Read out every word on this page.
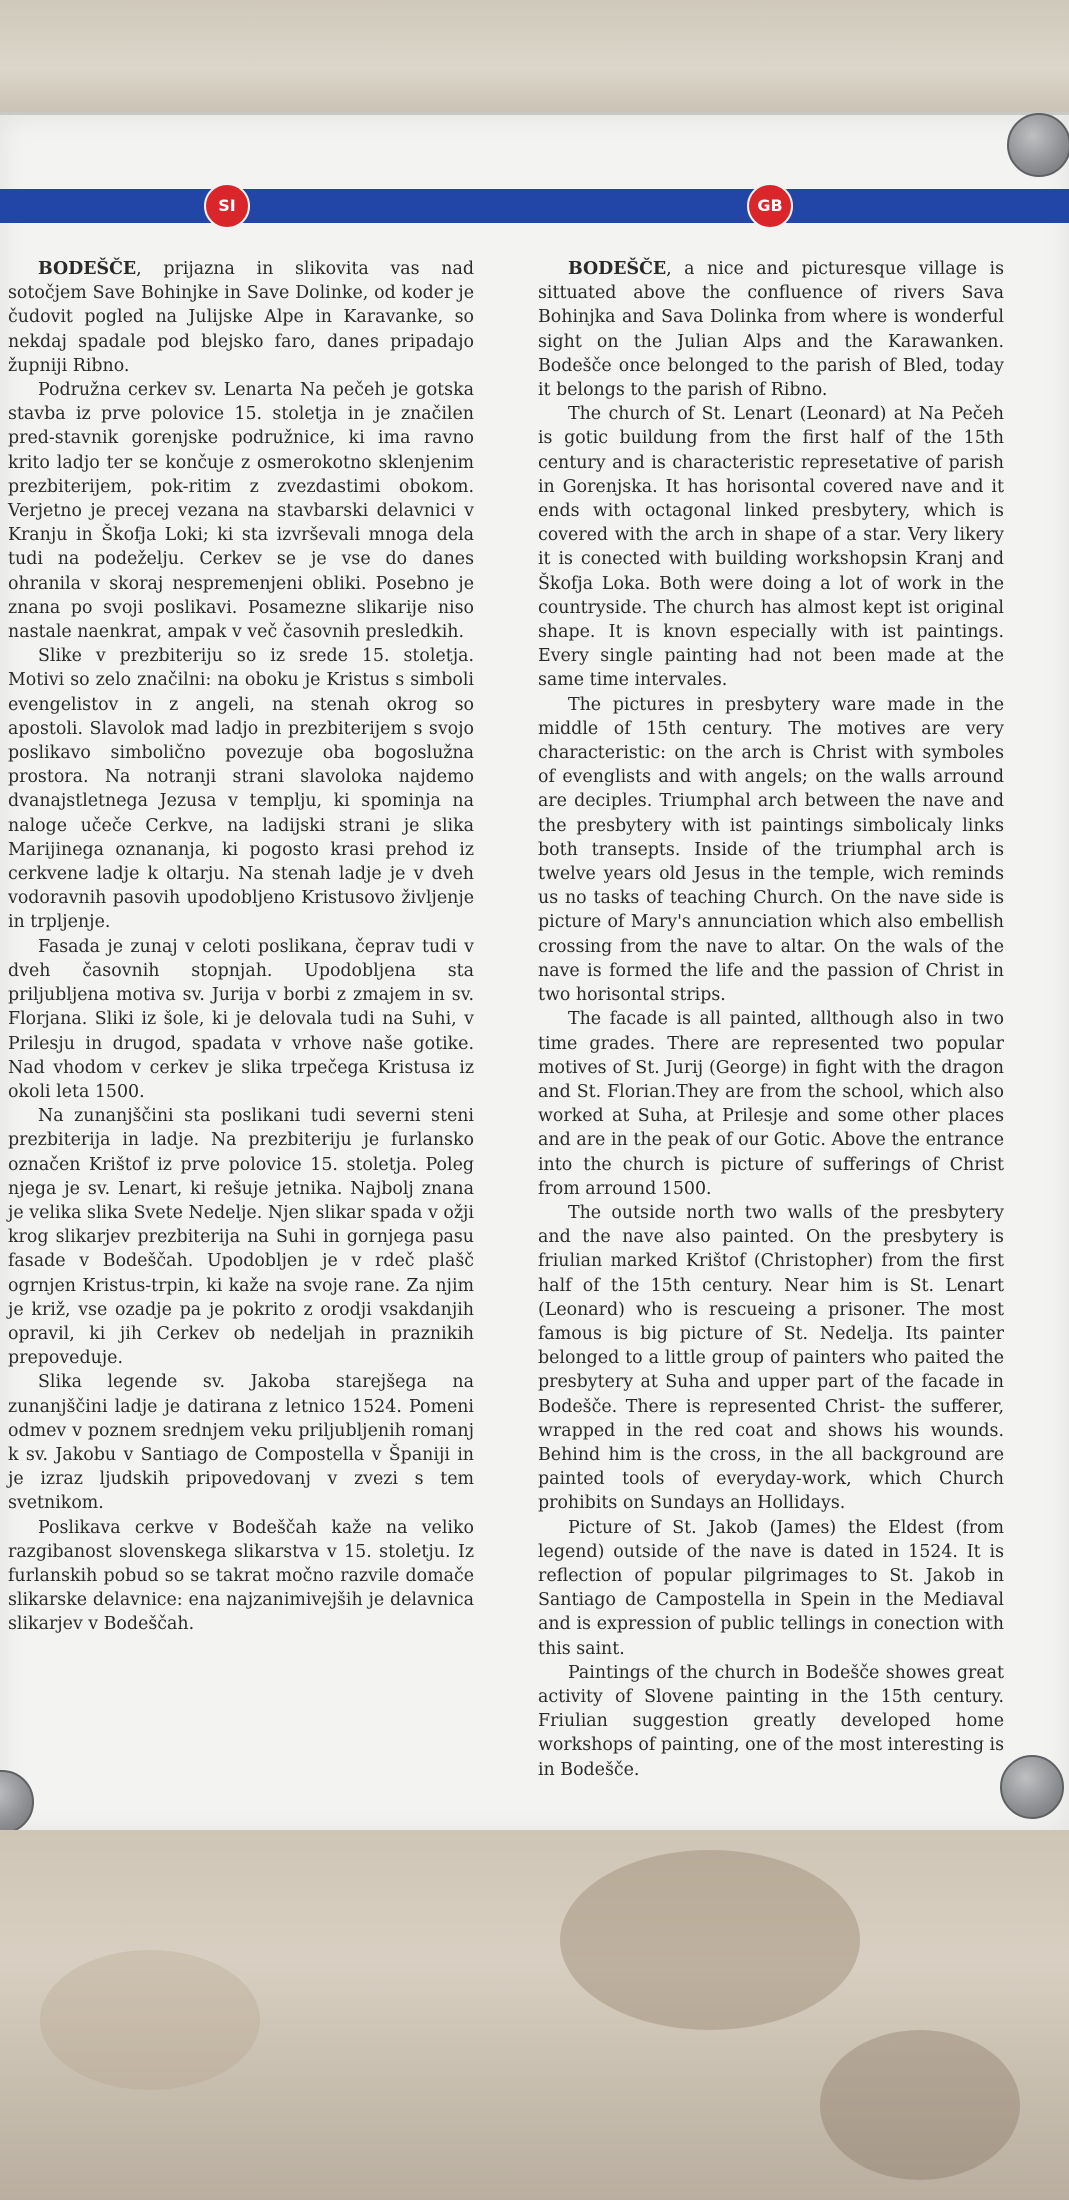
SI	GB

BODEŠČE, prijazna in slikovita vas nad sotočjem Save Bohinjke in Save Dolinke, od koder je čudovit pogled na Julijske Alpe in Karavanke, so nekdaj spadale pod blejsko faro, danes pripadajo župniji Ribno.

Podružna cerkev sv. Lenarta Na pečeh je gotska stavba iz prve polovice 15. stoletja in je značilen pred-stavnik gorenjske podružnice, ki ima ravno krito ladjo ter se končuje z osmerokotno sklenjenim prezbiterijem, pok-ritim z zvezdastimi obokom. Verjetno je precej vezana na stavbarski delavnici v Kranju in Škofja Loki; ki sta izvrševali mnoga dela tudi na podeželju. Cerkev se je vse do danes ohranila v skoraj nespremenjeni obliki. Posebno je znana po svoji poslikavi. Posamezne slikarije niso nastale naenkrat, ampak v več časovnih presledkih.

Slike v prezbiteriju so iz srede 15. stoletja. Motivi so zelo značilni: na oboku je Kristus s simboli evengelistov in z angeli, na stenah okrog so apostoli. Slavolok mad ladjo in prezbiterijem s svojo poslikavo simbolično povezuje oba bogoslužna prostora. Na notranji strani slavoloka najdemo dvanajstletnega Jezusa v templju, ki spominja na naloge učeče Cerkve, na ladijski strani je slika Marijinega oznananja, ki pogosto krasi prehod iz cerkvene ladje k oltarju. Na stenah ladje je v dveh vodoravnih pasovih upodobljeno Kristusovo življenje in trpljenje.

Fasada je zunaj v celoti poslikana, čeprav tudi v dveh časovnih stopnjah. Upodobljena sta priljubljena motiva sv. Jurija v borbi z zmajem in sv. Florjana. Sliki iz šole, ki je delovala tudi na Suhi, v Prilesju in drugod, spadata v vrhove naše gotike. Nad vhodom v cerkev je slika trpečega Kristusa iz okoli leta 1500.

Na zunanjščini sta poslikani tudi severni steni prezbiterija in ladje. Na prezbiteriju je furlansko označen Krištof iz prve polovice 15. stoletja. Poleg njega je sv. Lenart, ki rešuje jetnika. Najbolj znana je velika slika Svete Nedelje. Njen slikar spada v ožji krog slikarjev prezbiterija na Suhi in gornjega pasu fasade v Bodeščah. Upodobljen je v rdeč plašč ogrnjen Kristus-trpin, ki kaže na svoje rane. Za njim je križ, vse ozadje pa je pokrito z orodji vsakdanjih opravil, ki jih Cerkev ob nedeljah in praznikih prepoveduje.

Slika legende sv. Jakoba starejšega na zunanjščini ladje je datirana z letnico 1524. Pomeni odmev v poznem srednjem veku priljubljenih romanj k sv. Jakobu v Santiago de Compostella v Španiji in je izraz ljudskih pripovedovanj v zvezi s tem svetnikom.

Poslikava cerkve v Bodeščah kaže na veliko razgibanost slovenskega slikarstva v 15. stoletju. Iz furlanskih pobud so se takrat močno razvile domače slikarske delavnice: ena najzanimivejših je delavnica slikarjev v Bodeščah.

BODEŠČE, a nice and picturesque village is sittuated above the confluence of rivers Sava Bohinjka and Sava Dolinka from where is wonderful sight on the Julian Alps and the Karawanken. Bodešče once belonged to the parish of Bled, today it belongs to the parish of Ribno.

The church of St. Lenart (Leonard) at Na Pečeh is gotic buildung from the first half of the 15th century and is characteristic represetative of parish in Gorenjska. It has horisontal covered nave and it ends with octagonal linked presbytery, which is covered with the arch in shape of a star. Very likery it is conected with building workshopsin Kranj and Škofja Loka. Both were doing a lot of work in the countryside. The church has almost kept ist original shape. It is knovn especially with ist paintings. Every single painting had not been made at the same time intervales.

The pictures in presbytery ware made in the middle of 15th century. The motives are very characteristic: on the arch is Christ with symboles of evenglists and with angels; on the walls arround are deciples. Triumphal arch between the nave and the presbytery with ist paintings simbolicaly links both transepts. Inside of the triumphal arch is twelve years old Jesus in the temple, wich reminds us no tasks of teaching Church. On the nave side is picture of Mary's annunciation which also embellish crossing from the nave to altar. On the wals of the nave is formed the life and the passion of Christ in two horisontal strips.

The facade is all painted, allthough also in two time grades. There are represented two popular motives of St. Jurij (George) in fight with the dragon and St. Florian.They are from the school, which also worked at Suha, at Prilesje and some other places and are in the peak of our Gotic. Above the entrance into the church is picture of sufferings of Christ from arround 1500.

The outside north two walls of the presbytery and the nave also painted. On the presbytery is friulian marked Krištof (Christopher) from the first half of the 15th century. Near him is St. Lenart (Leonard) who is rescueing a prisoner. The most famous is big picture of St. Nedelja. Its painter belonged to a little group of painters who paited the presbytery at Suha and upper part of the facade in Bodešče. There is represented Christ- the sufferer, wrapped in the red coat and shows his wounds. Behind him is the cross, in the all background are painted tools of everyday-work, which Church prohibits on Sundays an Hollidays.

Picture of St. Jakob (James) the Eldest (from legend) outside of the nave is dated in 1524. It is reflection of popular pilgrimages to St. Jakob in Santiago de Campostella in Spein in the Mediaval and is expression of public tellings in conection with this saint.

Paintings of the church in Bodešče showes great activity of Slovene painting in the 15th century. Friulian suggestion greatly developed home workshops of painting, one of the most interesting is in Bodešče.
